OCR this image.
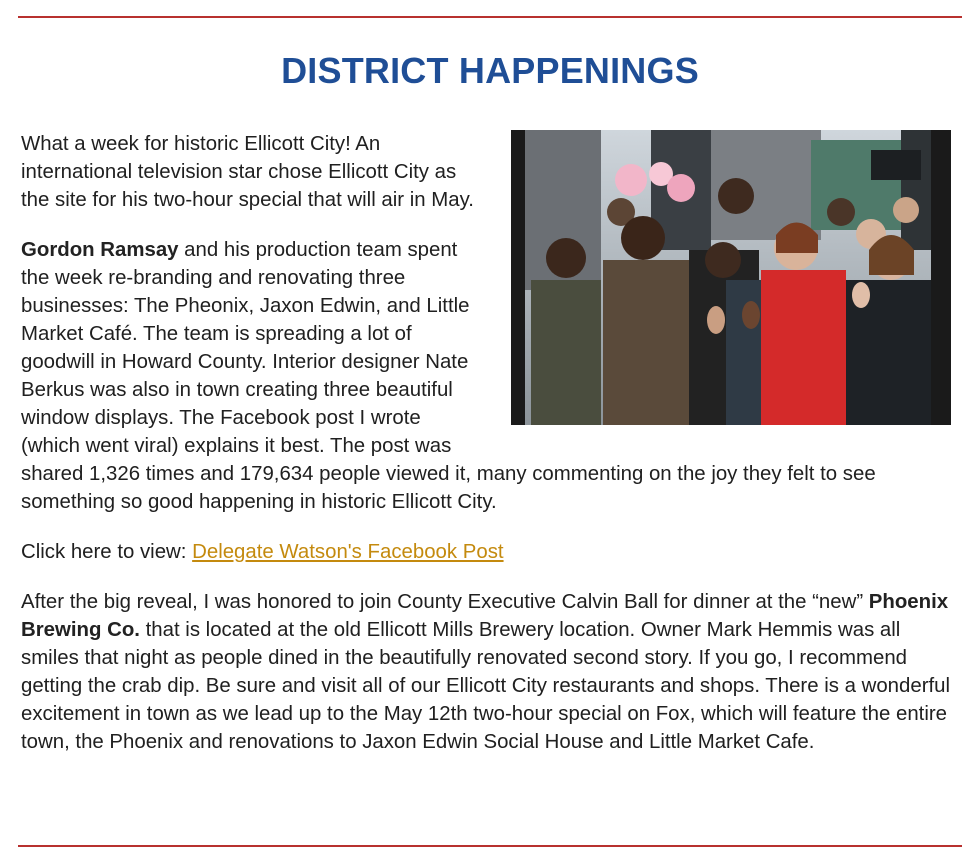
DISTRICT HAPPENINGS

What a week for historic Ellicott City! An international television star chose Ellicott City as the site for his two-hour special that will air in May.

Gordon Ramsay and his production team spent the week re-branding and renovating three businesses: The Pheonix, Jaxon Edwin, and Little Market Café. The team is spreading a lot of goodwill in Howard County. Interior designer Nate Berkus was also in town creating three beautiful window displays. The Facebook post I wrote (which went viral) explains it best. The post was shared 1,326 times and 179,634 people viewed it, many commenting on the joy they felt to see something so good happening in historic Ellicott City.

Click here to view: Delegate Watson's Facebook Post

After the big reveal, I was honored to join County Executive Calvin Ball for dinner at the “new” Phoenix Brewing Co. that is located at the old Ellicott Mills Brewery location. Owner Mark Hemmis was all smiles that night as people dined in the beautifully renovated second story. If you go, I recommend getting the crab dip. Be sure and visit all of our Ellicott City restaurants and shops. There is a wonderful excitement in town as we lead up to the May 12th two-hour special on Fox, which will feature the entire town, the Phoenix and renovations to Jaxon Edwin Social House and Little Market Cafe.
